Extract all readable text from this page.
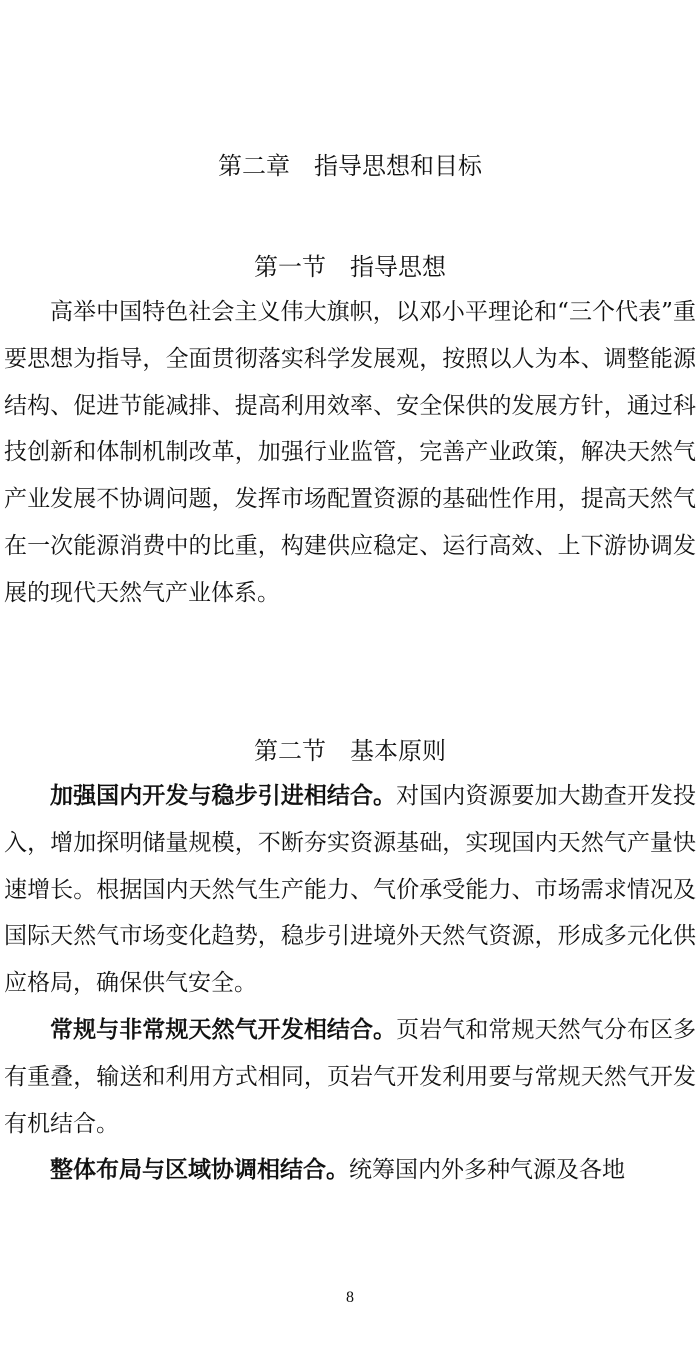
第二章　指导思想和目标
第一节　指导思想

高举中国特色社会主义伟大旗帜，以邓小平理论和“三个代表”重要思想为指导，全面贯彻落实科学发展观，按照以人为本、调整能源结构、促进节能减排、提高利用效率、安全保供的发展方针，通过科技创新和体制机制改革，加强行业监管，完善产业政策，解决天然气产业发展不协调问题，发挥市场配置资源的基础性作用，提高天然气在一次能源消费中的比重，构建供应稳定、运行高效、上下游协调发展的现代天然气产业体系。

第二节　基本原则

加强国内开发与稳步引进相结合。对国内资源要加大勘查开发投入，增加探明储量规模，不断夯实资源基础，实现国内天然气产量快速增长。根据国内天然气生产能力、气价承受能力、市场需求情况及国际天然气市场变化趋势，稳步引进境外天然气资源，形成多元化供应格局，确保供气安全。

常规与非常规天然气开发相结合。页岩气和常规天然气分布区多有重叠，输送和利用方式相同，页岩气开发利用要与常规天然气开发有机结合。

整体布局与区域协调相结合。统筹国内外多种气源及各地

8
